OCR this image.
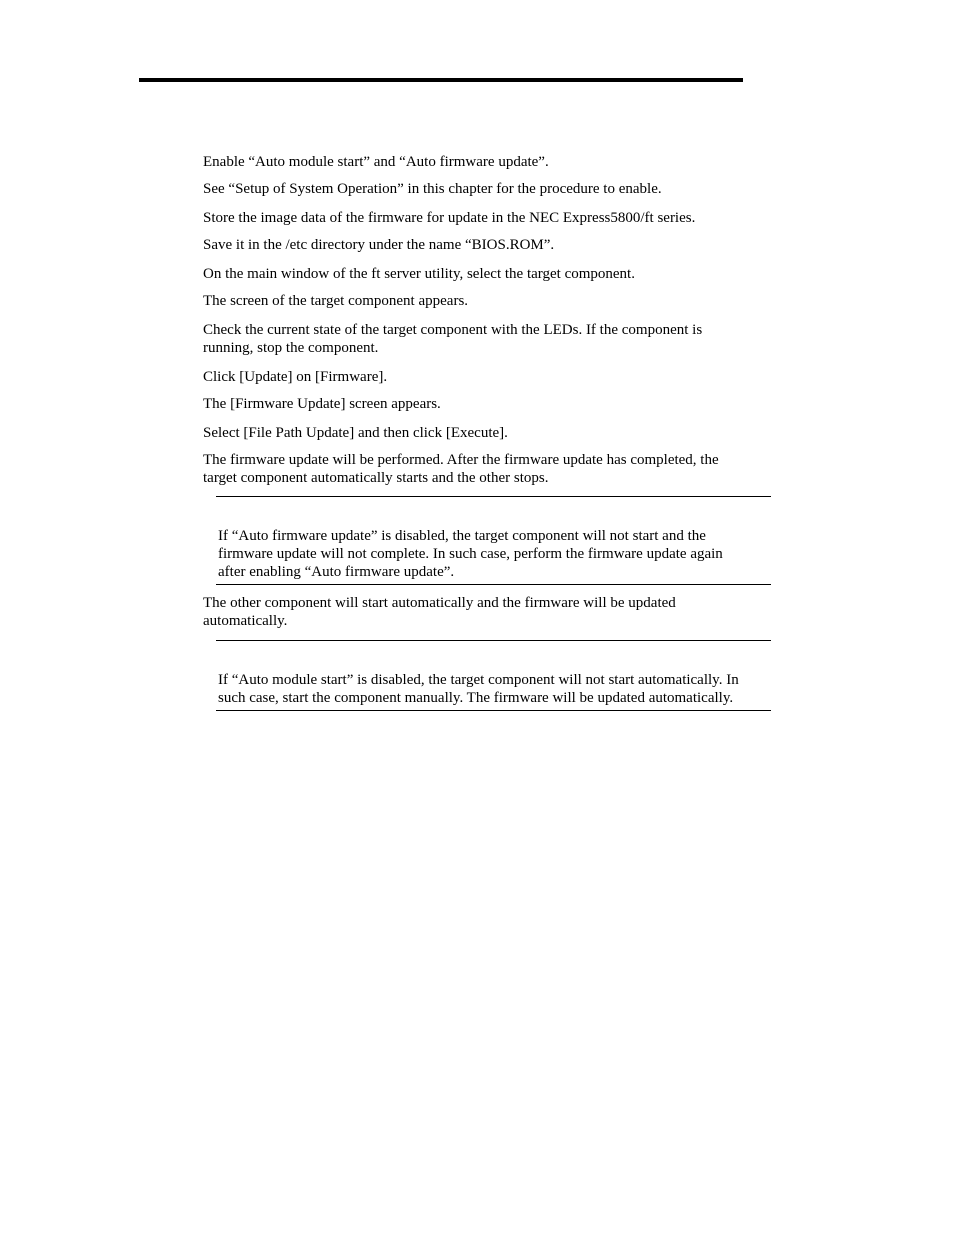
Enable “Auto module start” and “Auto firmware update”.
See “Setup of System Operation” in this chapter for the procedure to enable.
Store the image data of the firmware for update in the NEC Express5800/ft series.
Save it in the /etc directory under the name “BIOS.ROM”.
On the main window of the ft server utility, select the target component.
The screen of the target component appears.
Check the current state of the target component with the LEDs. If the component is
running, stop the component.
Click [Update] on [Firmware].
The [Firmware Update] screen appears.
Select [File Path Update] and then click [Execute].
The firmware update will be performed. After the firmware update has completed, the
target component automatically starts and the other stops.
If “Auto firmware update” is disabled, the target component will not start and the
firmware update will not complete. In such case, perform the firmware update again
after enabling “Auto firmware update”.
The other component will start automatically and the firmware will be updated
automatically.
If “Auto module start” is disabled, the target component will not start automatically. In
such case, start the component manually. The firmware will be updated automatically.
